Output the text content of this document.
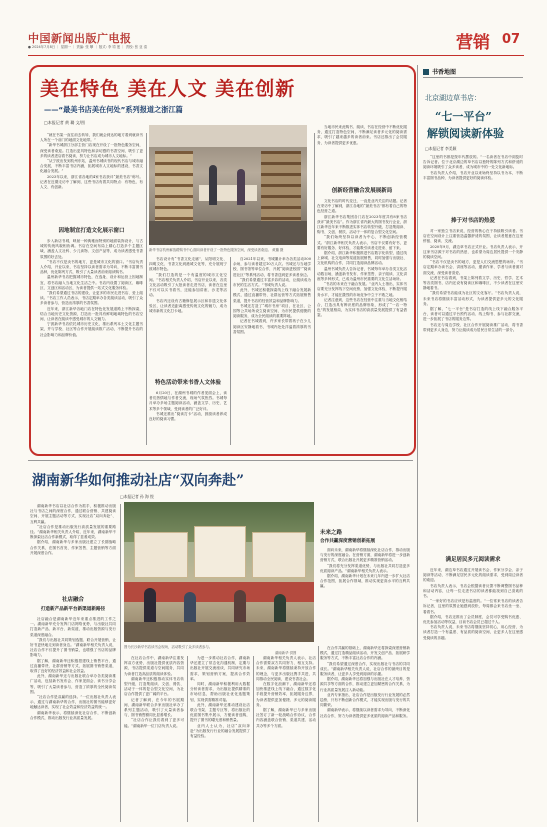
中国新闻出版广电报
● 2024年7月8日 ｜ 星期一 ｜ 责编: 张 攀 ｜ 版式: 李 靖 莲 ｜ 责校: 张 亚 清	营销 07
美在特色 美在人文 美在创新
——“最美书店美在何处”系列报道之浙江篇
□本报记者 黄 璐 文/图
新华书店杭州解放路购书中心面向读者开设了一批特色服务空间，深受读者欢迎。 黄璐 摄

“就在书架一直往前去转转，我们就会到达的地方看到就读书人所在一个前门的地面文化地带。”

“新华书城浙江分部主营门店现在开设了一批特色服务空间，深受读者欢迎。打造出更具特色和亲切感的书香空间，吸引了更多的读者进店看书阅读，努力让书店成为城市人文地标。”

“从宁波出发到杭州东站，温州书城读书的现代书店与城市融合发展，不断丰富书店内涵，拓展城市人文地标的建设，书香文化融合发展。”

2023年以来，浙江省各地的4家书店获评“最美书店”称号。记者在近期走访中了解到，这些书店有着共同特点：有特色、有人文、有创新。

因地制宜打造文化展示窗口

步入新店书城，映射一种典雅而特别的地面装饰设计，与古城的传统风貌相协调。书店在空间布局上精心打造多个主题区域，涵盖人文社科、少儿读物、文创产品等，成为读者感受书香氛围的好去处。

“书店不仅是卖书的地方，更是城市文化的窗口。”书店负责人介绍，开业以来，书店坚持以读者需求为导向，不断丰富图书品种，优化陈列方式，吸引了大量读者前来阅读购书。

温州新华书店把握城市特色，在选址、设计和运营上因地制宜，将书店融入当地文化生活之中。书店内设置了阅读区、咖啡区、文创区和活动区，为读者提供一站式文化服务体验。

“我们希望通过书店的建设，让更多的市民走进书店、爱上阅读。”书店工作人员表示，书店定期举办各类阅读活动，吸引了众多读者参与，营造出浓厚的书香氛围。

近年来，浙江新华各地门店在特色化发展道路上不断探索，结合当地历史文化资源，打造出一批具有鲜明地域特色的书店空间，让读者在阅读中感受城市的人文魅力。

宁波新华书店依托城市历史文化，推出系列本土文化主题书架，并与学校、社区等合作开展阅读推广活动，不断提升书店的社会影响力和品牌价值。

书店设计有“书香文化走廊”，从阳明文化、四明文化、书香文化到港城文化等，充分展现宁波城市特色。

“我们打造的是一个有温度的城市文化空间。”书店相关负责人介绍，书店开业以来，各类文化活动吸引了大批读者走进书店，读者在这里不仅可以买书看书，还能参加讲座、沙龙等活动。

书店内还设有古籍修复展示区和非遗文化体验区，让读者近距离感受传统文化的魅力，成为城市新的文化打卡地。

特色活动带来书香人文体验

6月20日，在湖州书城的作者见面会上，读者们热情地与作者交流，现场气氛热烈。书城每月举办多场主题阅读活动，涵盖文学、历史、艺术等多个领域，受到读者的广泛好评。

书城还推出“阅读打卡”活动，鼓励读者养成良好的阅读习惯。

自2021年以来，书城累计举办各类活动500余场，参与读者超过10万人次。书城还与当地学校、图书馆等单位合作，开展“阅读进校园”“阅读进社区”等系列活动，将书香送到更多读者身边。

“我们希望通过丰富多彩的活动，让阅读成为市民的生活方式。”书城负责人说。

此外，书城还积极探索线上线下融合发展新模式，通过直播带货、社群运营等方式拓展销售渠道，提升书店的经营效益和品牌影响力。

书城还打造了“城市书房”项目，在社区、公园等公共场所设立阅读空间，为市民提供便捷的阅读服务，成为全民阅读的重要阵地。

记者在书城看到，许多家长带着孩子在少儿阅读区安静地看书，书城内处处洋溢着浓厚的书香氛围。

当地市民来此购书、阅读，书店在经营中不断优化服务，通过打造特色空间，不断满足读者多元化的阅读需求，吸引了越来越多的读者前来。书店还推出了会员服务，为读者提供更多优惠。

创新经营融合发展展新局

文化书店的时代变迁，一直是业内关注的话题。记者在采访中了解到，浙江各地的“最美书店”都有着自己的特色经营之道。

浙江新华书店集团各门店在2023年度共有8家书店获评“最美书店”。作为浙江省内最大的图书发行企业，浙江新华近年来不断推进实体书店转型升级，打造集阅读、购书、文创、餐饮、活动于一体的复合型文化空间。

“我们始终坚持以读者为中心，不断创新经营模式。”浙江新华相关负责人表示，书店不仅要有好书，更要有好服务、好体验，才能吸引读者走进来、留下来。

据介绍，浙江新华积极推进书店数字化转型，通过线上商城、社交电商等渠道拓展销售，同时加强与出版社、文化机构的合作，共同打造阅读品牌活动。

温州书城负责人告诉记者，书城每年举办各类文化活动数百场，涵盖新书发布、作家签售、亲子阅读、文化讲座等多种形式，已成为温州市民重要的文化生活场所。

“书店的未来在于融合发展。”业内人士指出，实体书店要充分发挥线下空间优势，加强文化体验，不断提升服务水平，才能在激烈的市场竞争中立于不败之地。

记者注意到，这些书店在经营中注重与当地文化相结合，打造出具有辨识度的品牌形象，形成了“一店一特色”的发展格局，为实体书店的高质量发展提供了有益借鉴。

书香地图
北京湖边草书店：
“七一平台”
解锁阅读新体验
□本报记者 李美颖

“这里的书都是按年代摆放的。”一名读者在书店中浏览时告诉记者。位于北京湖边的草书店以独特的陈列方式和舒适的阅读环境吸引了众多读者，成为城市中的一处文化新地标。

书店负责人介绍，书店开业以来始终坚持以书为本，不断丰富图书品种，为读者提供更好的阅读体验。

捧于对书店的热爱

对一家独立书店来说，经营的核心在于持续吸引读者。书店在空间设计上注重营造温馨舒适的氛围，让读者愿意在这里停留、阅读、交流。

2020年9月，湖边草书店正式开业。书店负责人表示，开这家书店源于对书店的热爱，也希望为周边居民提供一个安静的阅读空间。

“书店不仅是卖书的地方，更是人们交流思想的场所。”书店定期举办读书会、讲座等活动，邀请作家、学者与读者面对面交流，深受读者喜爱。

记者在书店看到，书架上陈列着文学、历史、哲学、艺术等各类图书，店内还设有阅读区和咖啡区，不少读者在这里安静地看书。

“我们希望书店能成为社区的文化客厅。”书店负责人说，未来书店将继续丰富活动形式，为读者提供更多元的文化服务。

据了解，“七一平台”是书店打造的线上线下融合服务平台，读者可以通过平台预约活动、线上购书、参与社群交流，进一步拓展了书店的服务边界。

书店还与周边学校、社区合作开展阅读推广活动，将书香带到更多人身边，努力让阅读成为居民日常生活的一部分。

满足居民多元阅读需求

近年来，湖边草书店通过开展读书会、作家分享会、亲子阅读等活动，不断满足居民多元化的阅读需求，受到周边读者的欢迎。

书店负责人表示，书店会根据读者反馈不断调整图书品种和活动内容，让每一位走进书店的读者都能找到自己喜欢的书。

“一家好的书店应该是有温度的。”一位常来书店的读者告诉记者，这里的氛围让她感到放松，每周都会来书店坐一坐、看看书。

据介绍，书店还推出了会员制度，会员可享受购书优惠、优先参加活动等权益，目前书店会员已超过千人。

书店负责人说，未来书店将继续坚持初心，用心经营，为读者打造一个有温度、有品质的阅读空间，让更多人在这里感受阅读的乐趣。

湖南新华如何推动社店“双向奔赴”
□本报记者 孙 海 悦

湖南新华书店以社店合作为抓手，积极推动出版社与书店之间的深度合作，通过联合营销、共建阅读空间、开展主题活动等方式，实现社店“双向奔赴”、互利共赢。

“社店合作是推动出版发行高质量发展的重要路径。”湖南新华相关负责人介绍，近年来，湖南新华不断探索社店合作新模式，取得了显著成效。

据介绍，湖南新华与多家出版社建立了长期战略合作关系，在图书首发、作家签售、主题营销等方面开展深度合作。

社店融合
打造新产品新平台新渠道新路径

社店融合是湖南新华近年来重点推进的工作之一。湖南新华充分发挥门店网络优势，与出版社共同打造新产品、新平台、新渠道，推动出版资源与发行渠道深度融合。

“我们与出版社共同策划选题、联合开展营销，让好书更快地走到读者身边。”湖南新华相关负责人说，社店合作不仅提升了图书销量，也增强了书店的品牌影响力。

据了解，湖南新华还积极搭建线上销售平台，通过直播带货、社群营销等方式，拓展图书销售渠道，取得了良好的经济效益和社会效益。

此外，湖南新华还与出版社联合举办各类阅读推广活动，包括新书发布会、作家见面会、读书分享会等，吸引了大量读者参与，营造了浓厚的全民阅读氛围。

“社店合作是双赢的选择。”一位出版社负责人表示，通过与湖南新华的合作，出版社的图书能够更好地触达读者，实现了社会效益和经济效益的统一。

湖南新华表示，将继续深化社店合作，不断创新合作模式，推动出版发行业高质量发展。

图为长沙新华书店读书会现场，活动吸引了众多读者参与。
湖南新华 供图
未来之路
合作共赢深度营销创新拓展

面向未来，湖南新华将继续深化社店合作，推动出版与发行的深度融合。在营销方面，湖南新华将进一步创新营销方式，联合出版社开展更多精准营销活动。

“我们将充分发挥渠道优势，与出版社共同打造更多优质阅读产品。”湖南新华相关负责人表示。

据介绍，湖南新华计划在未来几年内进一步扩大社店合作范围，拓展合作领域，推动实现更高水平的互利共赢。

在社店合作中，湖南新华注重发挥双方优势，出版社提供优质内容资源，书店提供渠道与空间服务，共同为读者打造高品质的阅读体验。

湖南新华还积极推动实体书店转型升级，打造集阅读、文创、餐饮、活动于一体的复合型文化空间，为社店合作提供了更广阔的平台。

记者了解到，在今年的书展期间，湖南新华联合多家出版社举办了系列主题活动，吸引了大量读者参与，图书销售额同比显著增长。

“社店合作让我们看到了更多可能。”湖南新华一位门店负责人说。

为进一步推动社店合作，湖南新华还建立了常态化沟通机制，定期与出版社开展交流座谈，共同研究市场需求，策划营销方案，提高合作效率。

同时，湖南新华积极利用大数据分析读者需求，为出版社提供精准的市场信息，帮助出版社优化选题策划，实现供需精准对接。

此外，湖南新华还推动建设社店联合书架、主题专区等，将出版社的优质图书集中展示，方便读者选购，提升了图书的曝光度和销售量。

业内人士认为，社店“双向奔赴”为出版发行行业的融合发展提供了有益经验。

湖南新华相关负责人表示，社店合作需要双方共同努力、相互支持。未来，湖南新华将继续秉持开放合作的理念，与更多出版社携手共进，共同推动全民阅读，建设书香社会。

在数字化浪潮下，湖南新华还将加快推进线上线下融合，通过数字化手段提升营销效率，拓展服务边界，为读者提供更加便捷、多元的阅读服务。

据了解，湖南新华已与多家出版社签订了新一轮战略合作协议，合作内容涵盖联合营销、渠道共建、活动共办等多个方面。

在合作共赢的基础上，湖南新华还将探索深度营销新模式，通过打造精品阅读活动、开发文创产品、拓展研学服务等方式，不断丰富社店合作的内涵。

“我们希望通过深度合作，实现出版社与书店的共同成长。”湖南新华相关负责人说，社店合作的最终目的是服务读者，让更多人享受到阅读的乐趣。

据介绍，湖南新华还将加强与出版社在人才培养、资源共享等方面的合作，推动建立更加紧密的合作关系，为行业高质量发展注入新动能。

业内专家指出，社店合作是出版发行行业发展的必然趋势，只有不断创新合作模式，才能实现出版与发行的共同繁荣。

湖南新华表示，将继续以读者需求为导向，不断深化社店合作，努力为读者提供更多优质的阅读产品和服务。
